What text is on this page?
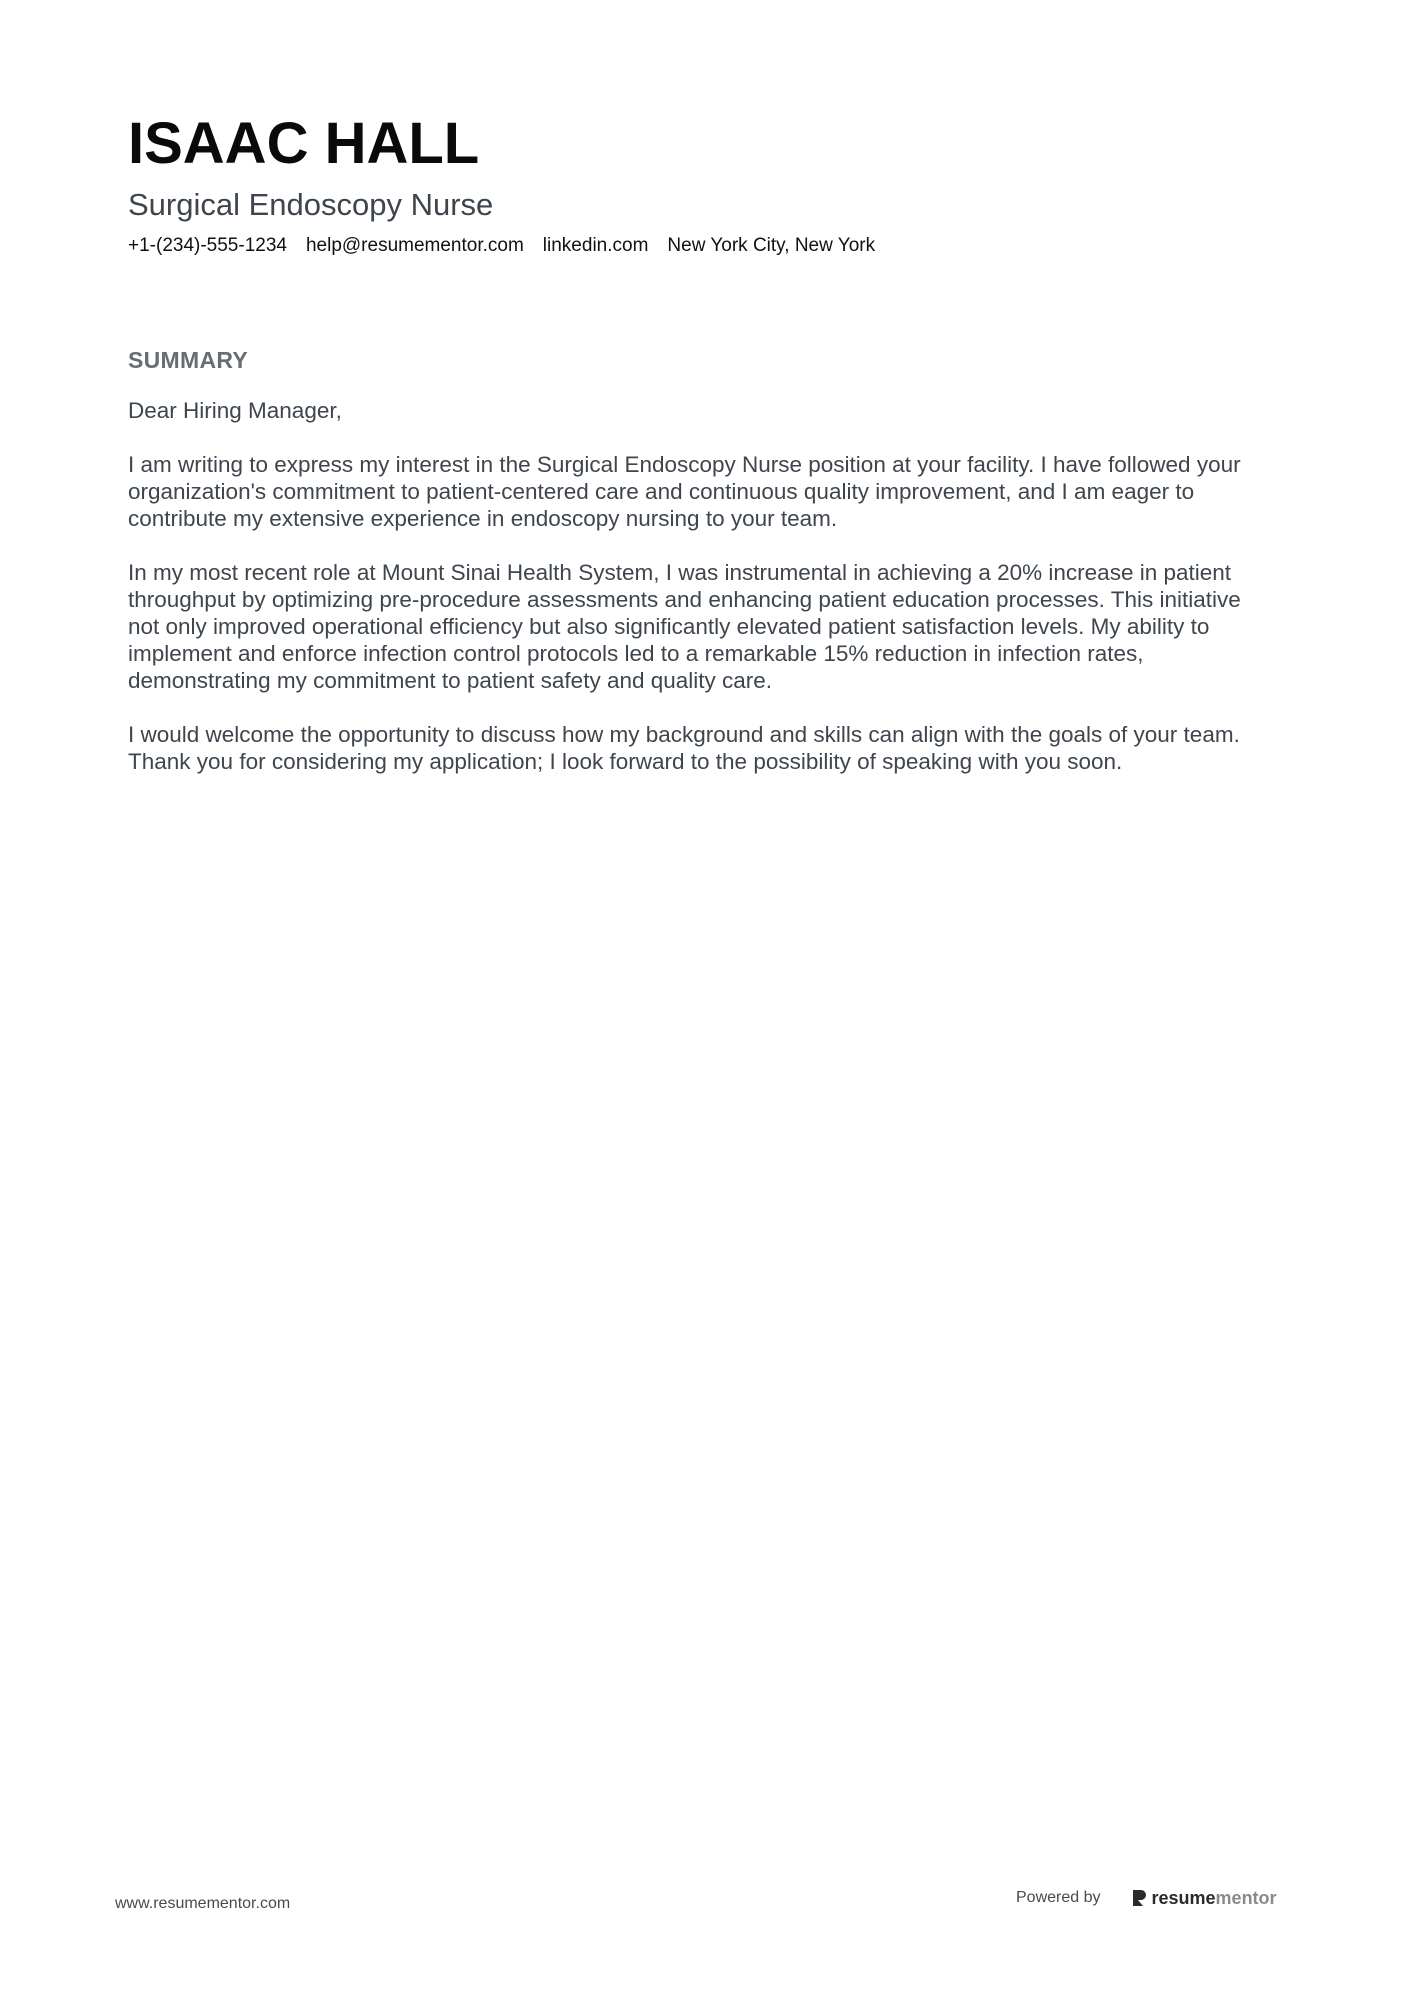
ISAAC HALL
Surgical Endoscopy Nurse
+1-(234)-555-1234 help@resumementor.com linkedin.com New York City, New York
SUMMARY

Dear Hiring Manager,

I am writing to express my interest in the Surgical Endoscopy Nurse position at your facility. I have followed your organization's commitment to patient-centered care and continuous quality improvement, and I am eager to contribute my extensive experience in endoscopy nursing to your team.

In my most recent role at Mount Sinai Health System, I was instrumental in achieving a 20% increase in patient throughput by optimizing pre-procedure assessments and enhancing patient education processes. This initiative not only improved operational efficiency but also significantly elevated patient satisfaction levels. My ability to implement and enforce infection control protocols led to a remarkable 15% reduction in infection rates, demonstrating my commitment to patient safety and quality care.

I would welcome the opportunity to discuss how my background and skills can align with the goals of your team. Thank you for considering my application; I look forward to the possibility of speaking with you soon.

www.resumementor.com	Powered by	resume mentor
